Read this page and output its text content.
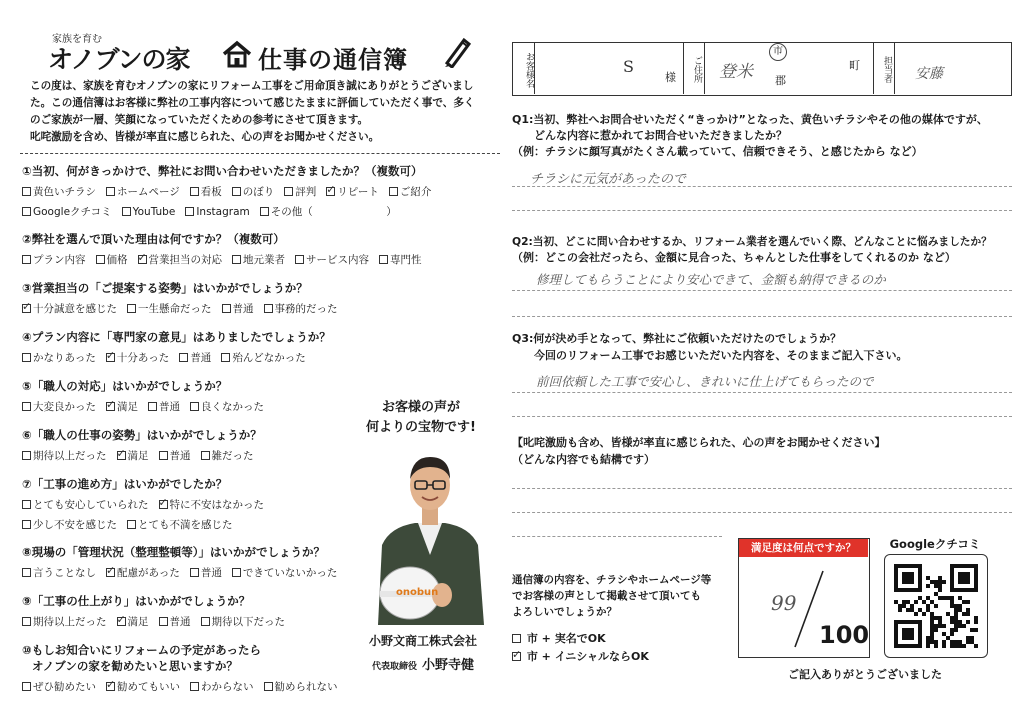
家族を育む
オノブンの家	仕事の通信簿
この度は、家族を育むオノブンの家にリフォーム工事をご用命頂き誠にありがとうございまし
た。この通信簿はお客様に弊社の工事内容について感じたままに評価していただく事で、多く
のご家族が一層、笑顔になっていただくための参考にさせて頂きます。
叱咤激励を含め、皆様が率直に感じられた、心の声をお聞かせください。
①当初、何がきっかけで、弊社にお問い合わせいただきましたか？（複数可）
黄色いチラシ ホームページ 看板 のぼり 評判 ✓ リピート ご紹介
Googleクチコミ YouTube Instagram その他（　　　　　　　）
②弊社を選んで頂いた理由は何ですか？（複数可）
プラン内容 価格 ✓ 営業担当の対応 地元業者 サービス内容 専門性
③営業担当の「ご提案する姿勢」はいかがでしょうか？
✓十分誠意を感じた 一生懸命だった 普通 事務的だった
④プラン内容に「専門家の意見」はありましたでしょうか？
かなりあった ✓ 十分あった 普通 殆んどなかった
⑤「職人の対応」はいかがでしょうか？
大変良かった ✓ 満足 普通 良くなかった
⑥「職人の仕事の姿勢」はいかがでしょうか？
期待以上だった ✓ 満足 普通 雑だった
⑦「工事の進め方」はいかがでしたか？
とても安心していられた ✓ 特に不安はなかった
少し不安を感じた とても不満を感じた
⑧現場の「管理状況（整理整頓等）」はいかがでしょうか？
言うことなし ✓ 配慮があった 普通 できていないかった
⑨「工事の仕上がり」はいかがでしょうか？
期待以上だった ✓ 満足 普通 期待以下だった
⑩もしお知合いにリフォームの予定があったら
オノブンの家を勧めたいと思いますか？
ぜひ勧めたい ✓ 勧めてもいい わからない 勧められない
お客様の声が
何よりの宝物です!
onobun
小野文商工株式会社
代表取締役 小野寺健
お客様名	S
様	ご住所 登米
市
郡
町	担当者 安藤
Q1:当初、弊社へお問合せいただく“きっかけ”となった、黄色いチラシやその他の媒体ですが、
どんな内容に惹かれてお問合せいただきましたか？
（例：チラシに顔写真がたくさん載っていて、信頼できそう、と感じたから など）
チラシに元気があったので
Q2:当初、どこに問い合わせするか、リフォーム業者を選んでいく際、どんなことに悩みましたか？
（例：どこの会社だったら、金額に見合った、ちゃんとした仕事をしてくれるのか など）
修理してもらうことにより安心できて、金額も納得できるのか
Q3:何が決め手となって、弊社にご依頼いただけたのでしょうか？
今回のリフォーム工事でお感じいただいた内容を、そのままご記入下さい。
前回依頼した工事で安心し、きれいに仕上げてもらったので
【叱咤激励も含め、皆様が率直に感じられた、心の声をお聞かせください】
（どんな内容でも結構です）
通信簿の内容を、チラシやホームページ等
でお客様の声として掲載させて頂いても
よろしいでしょうか？
市 + 実名でOK
✓ 市 + イニシャルならOK
満足度は何点ですか？
99
100
Googleクチコミ
ご記入ありがとうございました
